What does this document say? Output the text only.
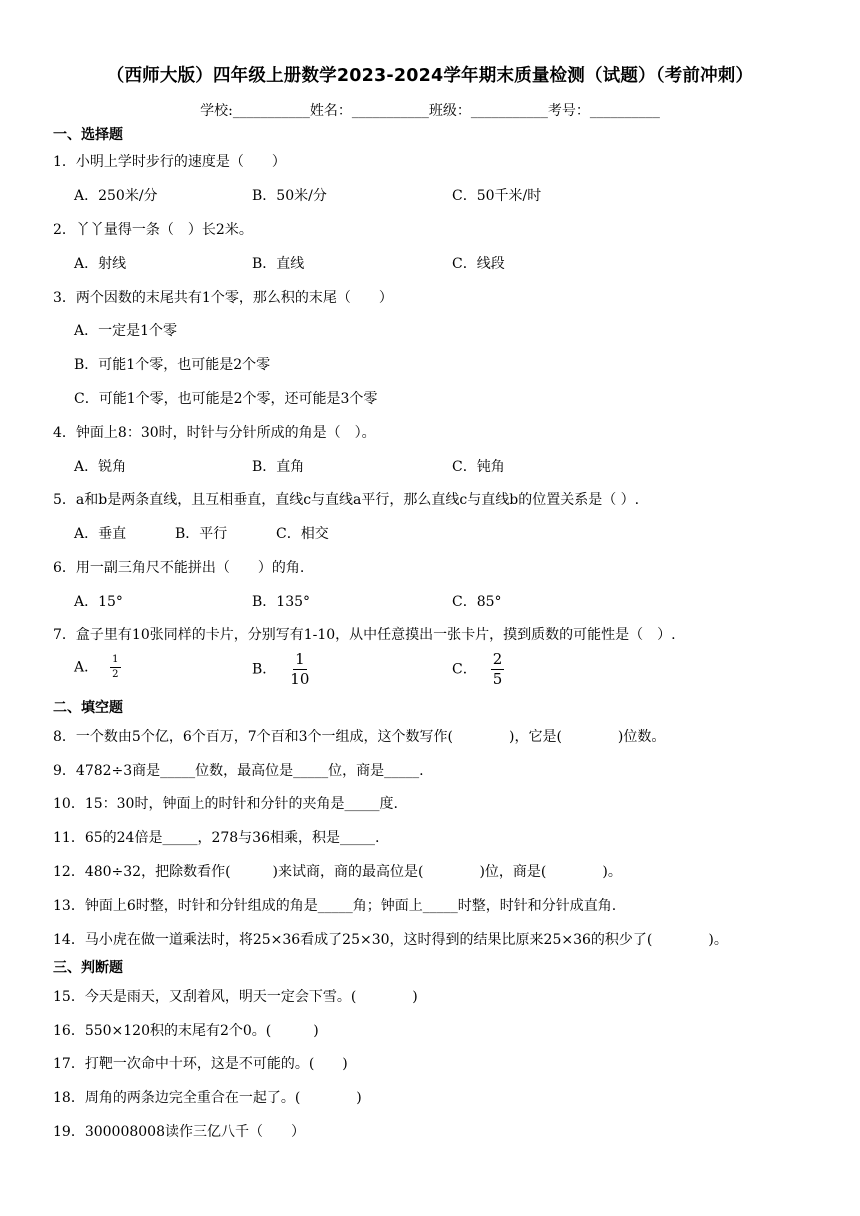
（西师大版）四年级上册数学2023-2024学年期末质量检测（试题）（考前冲刺）
学校:___________姓名：___________班级：___________考号：__________
一、选择题
1．小明上学时步行的速度是（　　）
A．250米/分	B．50米/分	C．50千米/时
2．丫丫量得一条（　）长2米。
A．射线	B．直线	C．线段
3．两个因数的末尾共有1个零，那么积的末尾（　　）
A．一定是1个零
B．可能1个零，也可能是2个零
C．可能1个零，也可能是2个零，还可能是3个零
4．钟面上8：30时，时针与分针所成的角是（　）。
A．锐角	B．直角	C．钝角
5．a和b是两条直线，且互相垂直，直线c与直线a平行，那么直线c与直线b的位置关系是（ ）.
A．垂直	B．平行	C．相交
6．用一副三角尺不能拼出（　　）的角.
A．15°	B．135°	C．85°
7．盒子里有10张同样的卡片，分别写有1-10，从中任意摸出一张卡片，摸到质数的可能性是（　）.
A． $\frac{1}{2}$	B． $\frac{1}{10}$	C． $\frac{2}{5}$
二、填空题
8．一个数由5个亿，6个百万，7个百和3个一组成，这个数写作(　　　　)，它是(　　　　)位数。
9．4782÷3商是_____位数，最高位是_____位，商是_____.
10．15：30时，钟面上的时针和分针的夹角是_____度.
11．65的24倍是_____，278与36相乘，积是_____.
12．480÷32，把除数看作(　　　)来试商，商的最高位是(　　　　)位，商是(　　　　)。
13．钟面上6时整，时针和分针组成的角是_____角；钟面上_____时整，时针和分针成直角.
14．马小虎在做一道乘法时，将25×36看成了25×30，这时得到的结果比原来25×36的积少了(　　　　)。
三、判断题
15．今天是雨天，又刮着风，明天一定会下雪。(　　　　)
16．550×120积的末尾有2个0。(　　　)
17．打靶一次命中十环，这是不可能的。(　　)
18．周角的两条边完全重合在一起了。(　　　　)
19．300008008读作三亿八千（　　）
